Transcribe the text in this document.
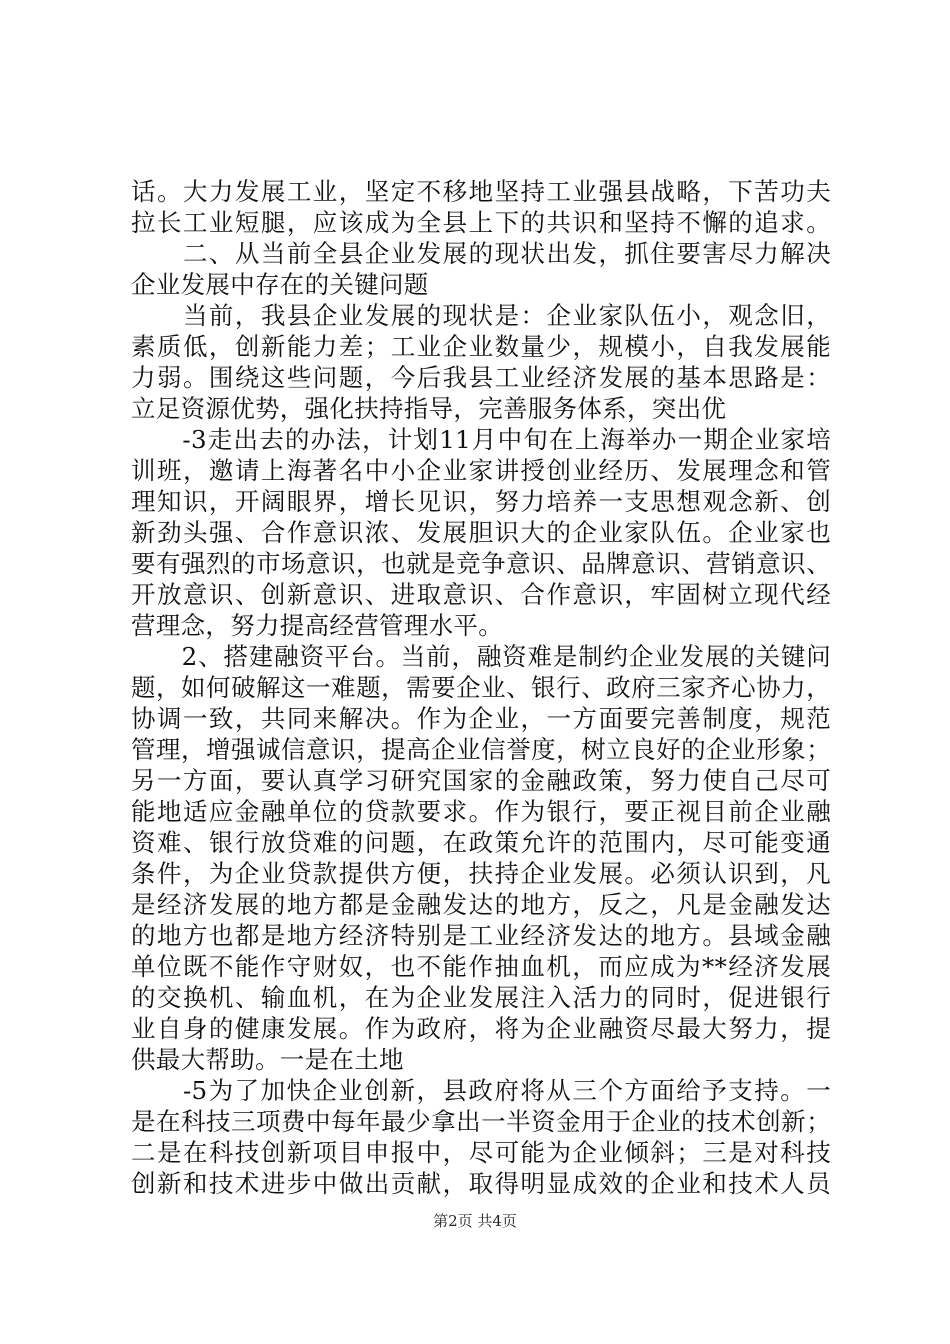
话。大力发展工业，坚定不移地坚持工业强县战略，下苦功夫
拉长工业短腿，应该成为全县上下的共识和坚持不懈的追求。
　　二、从当前全县企业发展的现状出发，抓住要害尽力解决
企业发展中存在的关键问题
　　当前，我县企业发展的现状是：企业家队伍小，观念旧，
素质低，创新能力差；工业企业数量少，规模小，自我发展能
力弱。围绕这些问题，今后我县工业经济发展的基本思路是：
立足资源优势，强化扶持指导，完善服务体系，突出优
　　-3走出去的办法，计划11月中旬在上海举办一期企业家培
训班，邀请上海著名中小企业家讲授创业经历、发展理念和管
理知识，开阔眼界，增长见识，努力培养一支思想观念新、创
新劲头强、合作意识浓、发展胆识大的企业家队伍。企业家也
要有强烈的市场意识，也就是竞争意识、品牌意识、营销意识、
开放意识、创新意识、进取意识、合作意识，牢固树立现代经
营理念，努力提高经营管理水平。
　　2、搭建融资平台。当前，融资难是制约企业发展的关键问
题，如何破解这一难题，需要企业、银行、政府三家齐心协力，
协调一致，共同来解决。作为企业，一方面要完善制度，规范
管理，增强诚信意识，提高企业信誉度，树立良好的企业形象；
另一方面，要认真学习研究国家的金融政策，努力使自己尽可
能地适应金融单位的贷款要求。作为银行，要正视目前企业融
资难、银行放贷难的问题，在政策允许的范围内，尽可能变通
条件，为企业贷款提供方便，扶持企业发展。必须认识到，凡
是经济发展的地方都是金融发达的地方，反之，凡是金融发达
的地方也都是地方经济特别是工业经济发达的地方。县域金融
单位既不能作守财奴，也不能作抽血机，而应成为**经济发展
的交换机、输血机，在为企业发展注入活力的同时，促进银行
业自身的健康发展。作为政府，将为企业融资尽最大努力，提
供最大帮助。一是在土地
　　-5为了加快企业创新，县政府将从三个方面给予支持。一
是在科技三项费中每年最少拿出一半资金用于企业的技术创新；
二是在科技创新项目申报中，尽可能为企业倾斜；三是对科技
创新和技术进步中做出贡献，取得明显成效的企业和技术人员
第2页 共4页
